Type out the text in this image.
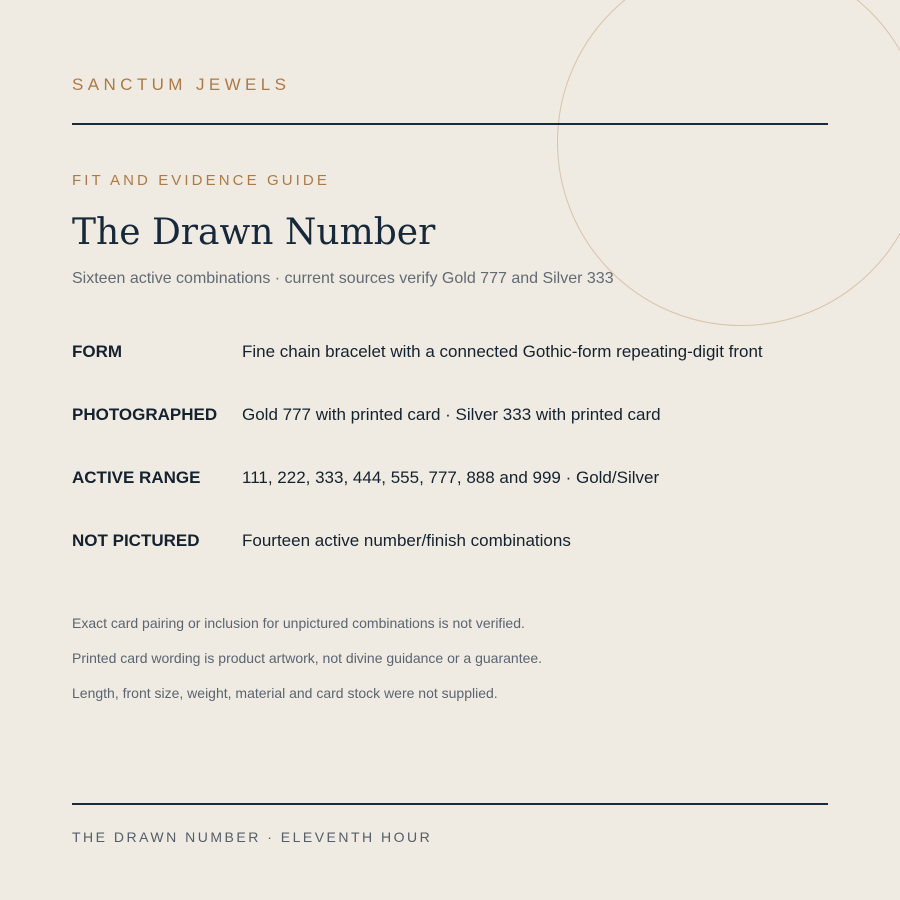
SANCTUM JEWELS
FIT AND EVIDENCE GUIDE
The Drawn Number
Sixteen active combinations · current sources verify Gold 777 and Silver 333
FORM	Fine chain bracelet with a connected Gothic-form repeating-digit front
PHOTOGRAPHED Gold 777 with printed card · Silver 333 with printed card
ACTIVE RANGE 111, 222, 333, 444, 555, 777, 888 and 999 · Gold/Silver
NOT PICTURED	Fourteen active number/finish combinations
Exact card pairing or inclusion for unpictured combinations is not verified.
Printed card wording is product artwork, not divine guidance or a guarantee.
Length, front size, weight, material and card stock were not supplied.
THE DRAWN NUMBER · ELEVENTH HOUR
